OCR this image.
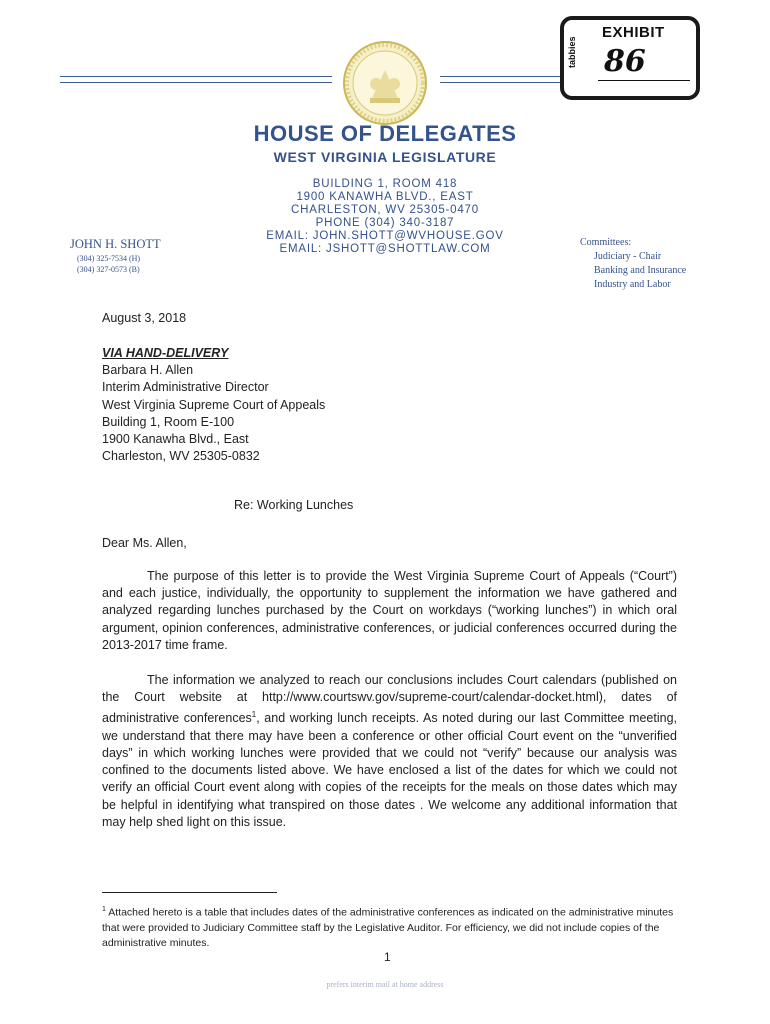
EXHIBIT
tabbies 86
HOUSE OF DELEGATES
WEST VIRGINIA LEGISLATURE
BUILDING 1, ROOM 418
1900 KANAWHA BLVD., EAST
CHARLESTON, WV 25305-0470
PHONE (304) 340-3187
EMAIL: JOHN.SHOTT@WVHOUSE.GOV
EMAIL: JSHOTT@SHOTTLAW.COM
JOHN H. SHOTT
(304) 325-7534 (H)
(304) 327-0573 (B)
Committees:
Judiciary - Chair
Banking and Insurance
Industry and Labor
August 3, 2018
VIA HAND-DELIVERY
Barbara H. Allen
Interim Administrative Director
West Virginia Supreme Court of Appeals
Building 1, Room E-100
1900 Kanawha Blvd., East
Charleston, WV 25305-0832
Re: Working Lunches
Dear Ms. Allen,
The purpose of this letter is to provide the West Virginia Supreme Court of Appeals (“Court”) and each justice, individually, the opportunity to supplement the information we have gathered and analyzed regarding lunches purchased by the Court on workdays (“working lunches”) in which oral argument, opinion conferences, administrative conferences, or judicial conferences occurred during the 2013-2017 time frame.
The information we analyzed to reach our conclusions includes Court calendars (published on the Court website at http://www.courtswv.gov/supreme-court/calendar-docket.html), dates of administrative conferences$^1$, and working lunch receipts. As noted during our last Committee meeting, we understand that there may have been a conference or other official Court event on the “unverified days” in which working lunches were provided that we could not “verify” because our analysis was confined to the documents listed above. We have enclosed a list of the dates for which we could not verify an official Court event along with copies of the receipts for the meals on those dates which may be helpful in identifying what transpired on those dates . We welcome any additional information that may help shed light on this issue.
$^1$ Attached hereto is a table that includes dates of the administrative conferences as indicated on the administrative minutes that were provided to Judiciary Committee staff by the Legislative Auditor. For efficiency, we did not include copies of the administrative minutes.
1
prefers interim mail at home address
